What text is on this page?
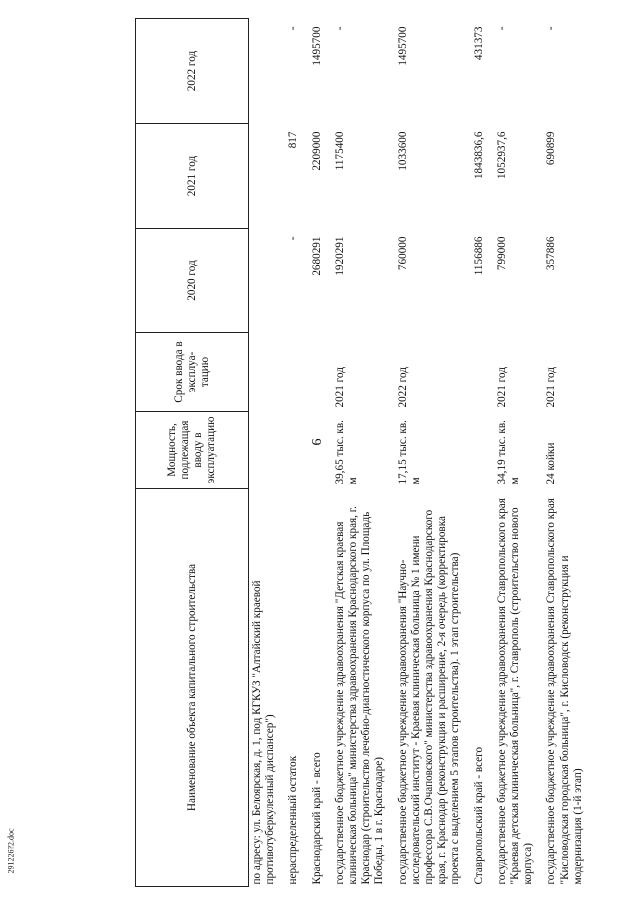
6
291226?2.doc
Наименование объекта капитального строительства	Мощность, подлежащая вводу в эксплуатацию	Срок ввода в эксплуа-тацию	2020 год	2021 год	2022 год
по адресу: ул. Белоярская, д. 1, под КГКУЗ "Алтайский краевой противотуберкулезный диспансер")					
нераспределенный остаток			-	817	-
Краснодарский край - всего			2680291	2209000	1495700
государственное бюджетное учреждение здравоохранения "Детская краевая клиническая больница" министерства здравоохранения Краснодарского края, г. Краснодар (строительство лечебно-диагностического корпуса по ул. Площадь Победы, 1 в г. Краснодаре)	39,65 тыс. кв. м	2021 год	1920291	1175400	-
государственное бюджетное учреждение здравоохранения "Научно-исследовательский институт - Краевая клиническая больница № 1 имени профессора С.В.Очаповского" министерства здравоохранения Краснодарского края, г. Краснодар (реконструкция и расширение, 2-я очередь (корректировка проекта с выделением 5 этапов строительства). 1 этап строительства)	17,15 тыс. кв. м	2022 год	760000	1033600	1495700
Ставропольский край - всего			1156886	1843836,6	431373
государственное бюджетное учреждение здравоохранения Ставропольского края "Краевая детская клиническая больница", г. Ставрополь (строительство нового корпуса)	34,19 тыс. кв. м	2021 год	799000	1052937,6	-
государственное бюджетное учреждение здравоохранения Ставропольского края "Кисловодская городская больница", г. Кисловодск (реконструкция и модернизация (1-й этап)	24 койки	2021 год	357886	690899	-
